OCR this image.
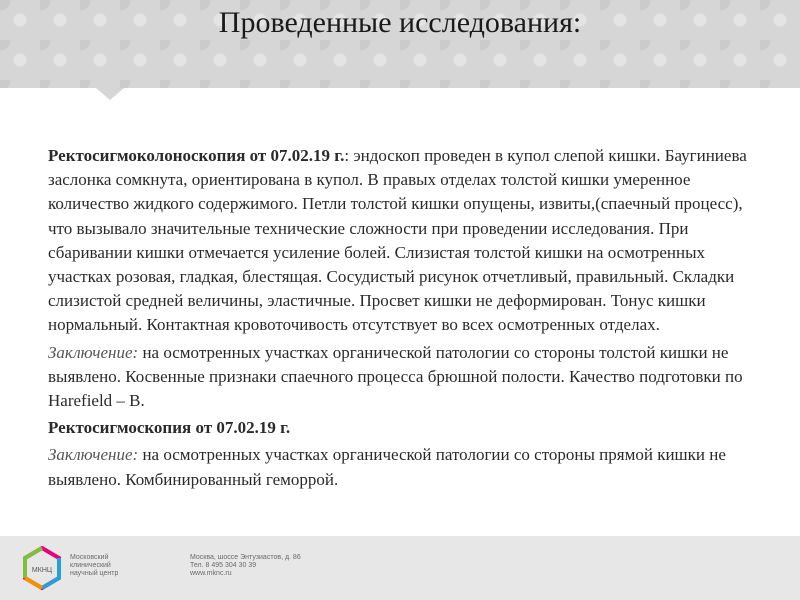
Проведенные исследования:

Ректосигмоколоноскопия от 07.02.19 г.: эндоскоп проведен в купол слепой кишки. Баугиниева заслонка сомкнута, ориентирована в купол. В правых отделах толстой кишки умеренное количество жидкого содержимого. Петли толстой кишки опущены, извиты,(спаечный процесс), что вызывало значительные технические сложности при проведении исследования. При сбаривании кишки отмечается усиление болей. Слизистая толстой кишки на осмотренных участках розовая, гладкая, блестящая. Сосудистый рисунок отчетливый, правильный. Складки слизистой средней величины, эластичные. Просвет кишки не деформирован. Тонус кишки нормальный. Контактная кровоточивость отсутствует во всех осмотренных отделах.

Заключение: на осмотренных участках органической патологии со стороны толстой кишки не выявлено. Косвенные признаки спаечного процесса брюшной полости. Качество подготовки по Harefield – B.

Ректосигмоскопия от 07.02.19 г.

Заключение: на осмотренных участках органической патологии со стороны прямой кишки не выявлено. Комбинированный геморрой.

МКНЦ
Московский
клинический
научный центр
Москва, шоссе Энтузиастов, д. 86
Тел. 8 495 304 30 39
www.mknc.ru
